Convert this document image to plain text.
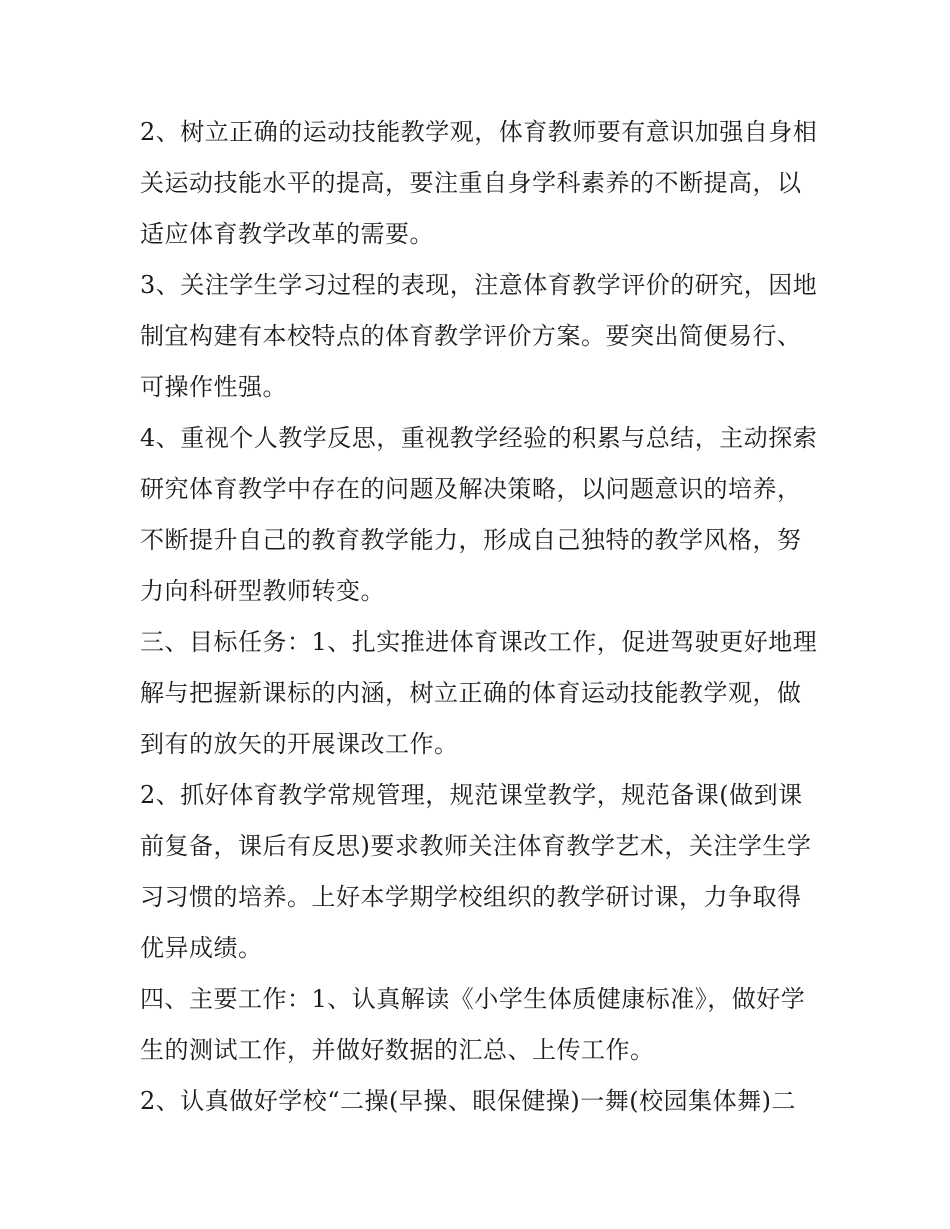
2、树立正确的运动技能教学观，体育教师要有意识加强自身相关运动技能水平的提高，要注重自身学科素养的不断提高，以适应体育教学改革的需要。

3、关注学生学习过程的表现，注意体育教学评价的研究，因地制宜构建有本校特点的体育教学评价方案。要突出简便易行、可操作性强。

4、重视个人教学反思，重视教学经验的积累与总结，主动探索研究体育教学中存在的问题及解决策略，以问题意识的培养，不断提升自己的教育教学能力，形成自己独特的教学风格，努力向科研型教师转变。

三、目标任务：1、扎实推进体育课改工作，促进驾驶更好地理解与把握新课标的内涵，树立正确的体育运动技能教学观，做到有的放矢的开展课改工作。

2、抓好体育教学常规管理，规范课堂教学，规范备课(做到课前复备，课后有反思)要求教师关注体育教学艺术，关注学生学习习惯的培养。上好本学期学校组织的教学研讨课，力争取得优异成绩。

四、主要工作：1、认真解读《小学生体质健康标准》，做好学生的测试工作，并做好数据的汇总、上传工作。

2、认真做好学校“二操(早操、眼保健操)一舞(校园集体舞)二
